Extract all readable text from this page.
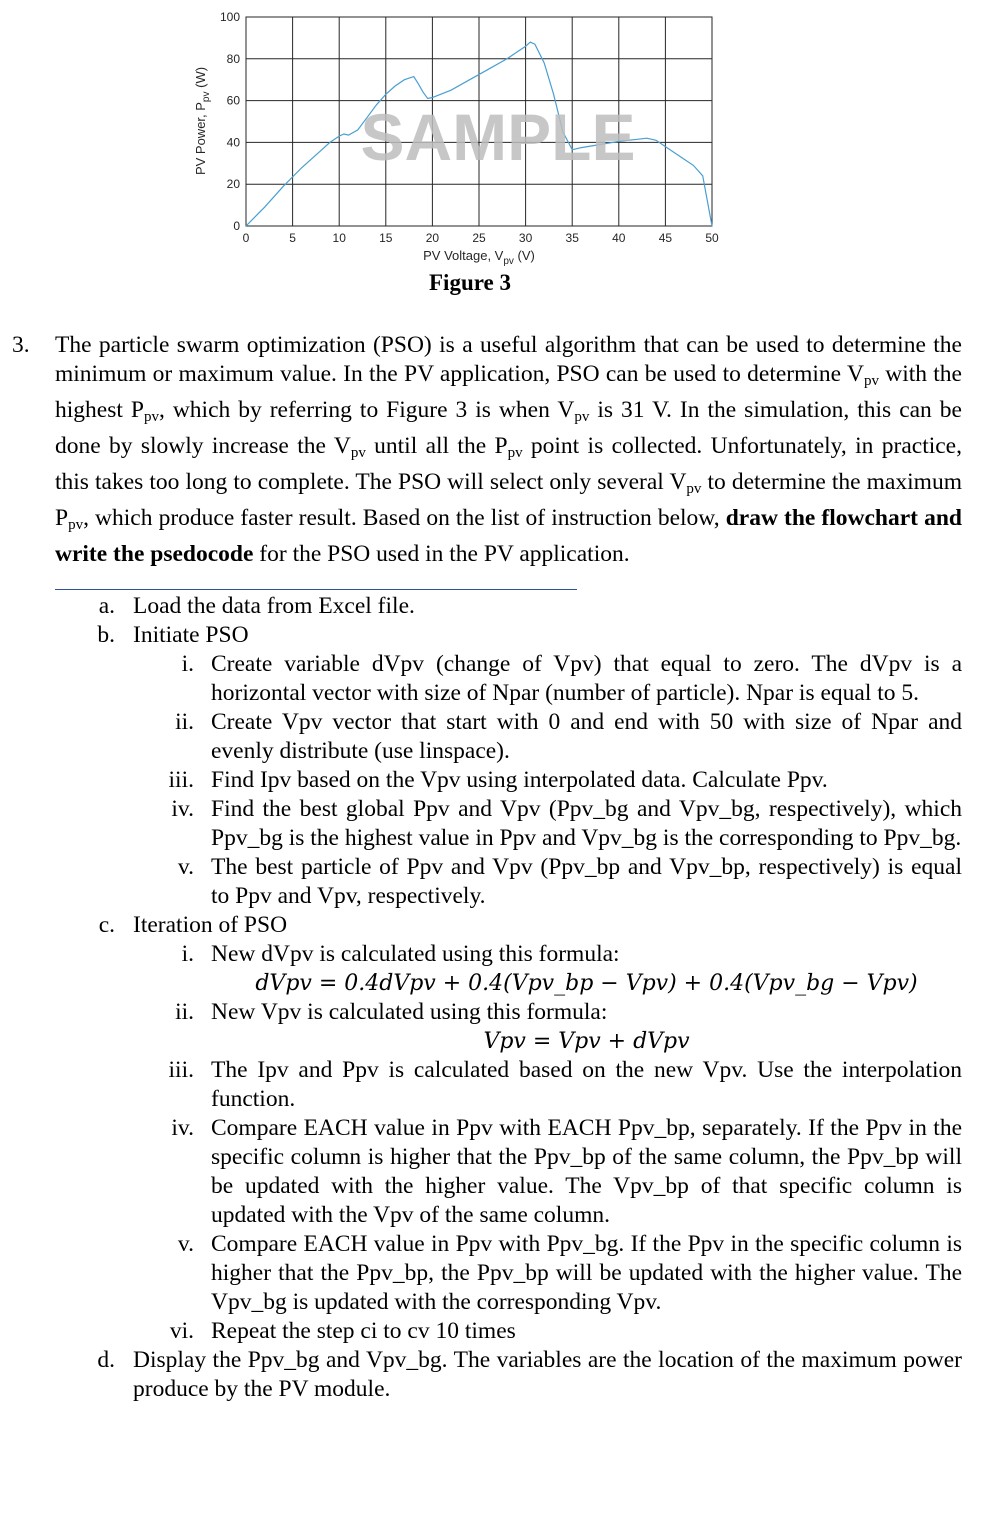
0	5	10	15	20	25	30	35	40	45	50
0
20
40
60
80
100
SAMPLE
PV Voltage, $V_{pv}$ (V)
PV Power, $P_{pv}$ (W)
Figure 3
3. The particle swarm optimization (PSO) is a useful algorithm that can be used to determine the minimum or maximum value. In the PV application, PSO can be used to determine $V_{pv}$ with the highest $P_{pv}$, which by referring to Figure 3 is when $V_{pv}$ is 31 V. In the simulation, this can be done by slowly increase the $V_{pv}$ until all the $P_{pv}$ point is collected. Unfortunately, in practice, this takes too long to complete. The PSO will select only several $V_{pv}$ to determine the maximum $P_{pv}$, which produce faster result. Based on the list of instruction below, draw the flowchart and write the psedocode for the PSO used in the PV application.

a. Load the data from Excel file.
b. Initiate PSO
i. Create variable dVpv (change of Vpv) that equal to zero. The dVpv is a horizontal vector with size of Npar (number of particle). Npar is equal to 5.
ii. Create Vpv vector that start with 0 and end with 50 with size of Npar and evenly distribute (use linspace).
iii. Find Ipv based on the Vpv using interpolated data. Calculate Ppv.
iv. Find the best global Ppv and Vpv (Ppv_bg and Vpv_bg, respectively), which Ppv_bg is the highest value in Ppv and Vpv_bg is the corresponding to Ppv_bg.
v. The best particle of Ppv and Vpv (Ppv_bp and Vpv_bp, respectively) is equal to Ppv and Vpv, respectively.
c. Iteration of PSO
i. New dVpv is calculated using this formula:
dVpv = 0.4dVpv + 0.4(Vpv_bp − Vpv) + 0.4(Vpv_bg − Vpv)
ii. New Vpv is calculated using this formula:
Vpv = Vpv + dVpv
iii. The Ipv and Ppv is calculated based on the new Vpv. Use the interpolation function.
iv. Compare EACH value in Ppv with EACH Ppv_bp, separately. If the Ppv in the specific column is higher that the Ppv_bp of the same column, the Ppv_bp will be updated with the higher value. The Vpv_bp of that specific column is updated with the Vpv of the same column.
v. Compare EACH value in Ppv with Ppv_bg. If the Ppv in the specific column is higher that the Ppv_bp, the Ppv_bp will be updated with the higher value. The Vpv_bg is updated with the corresponding Vpv.
vi. Repeat the step ci to cv 10 times
d. Display the Ppv_bg and Vpv_bg. The variables are the location of the maximum power produce by the PV module.
